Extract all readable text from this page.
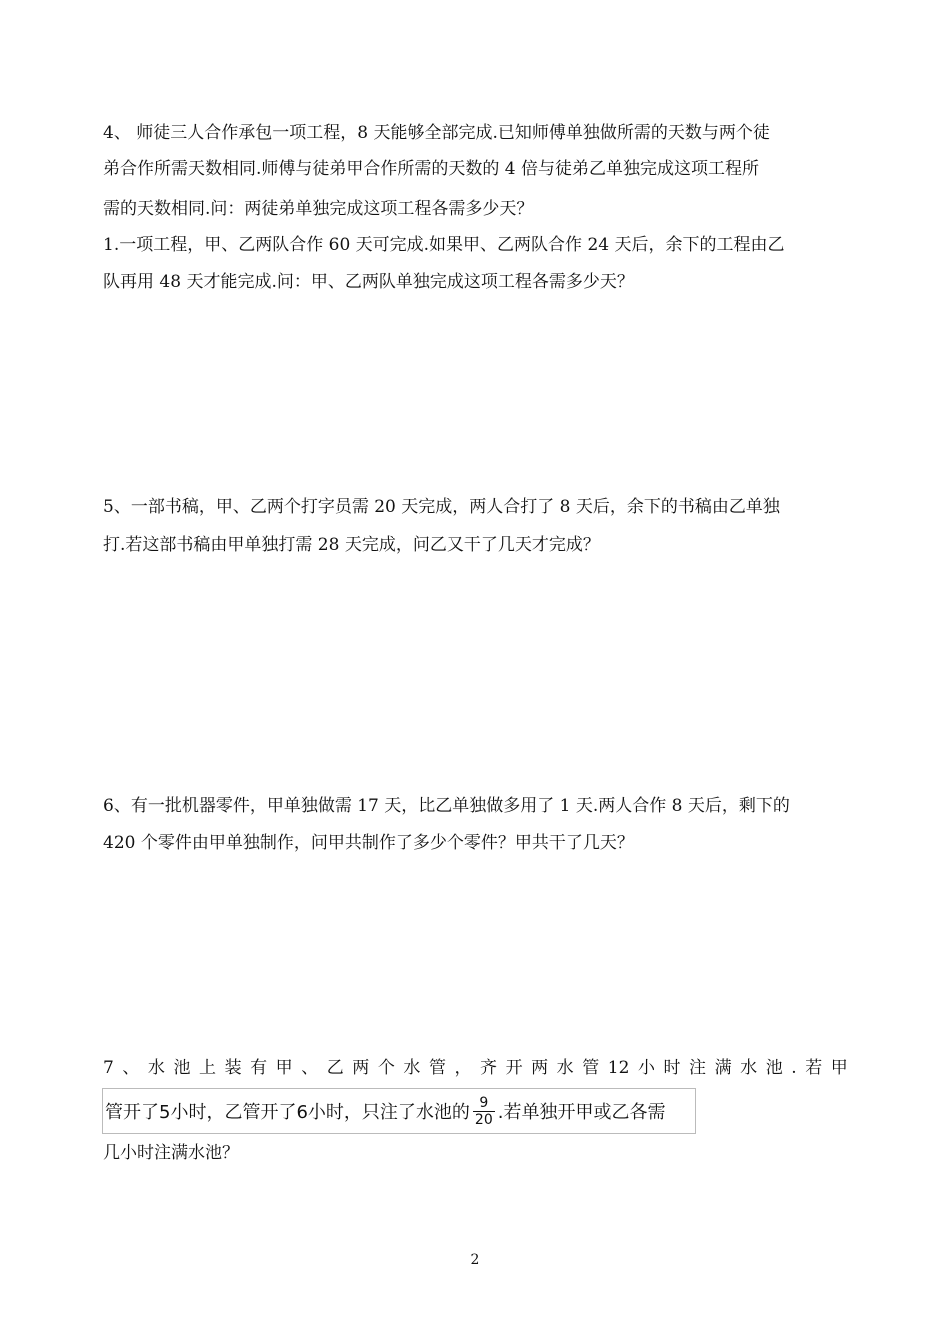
4、 师徒三人合作承包一项工程，8 天能够全部完成.已知师傅单独做所需的天数与两个徒
弟合作所需天数相同.师傅与徒弟甲合作所需的天数的 4 倍与徒弟乙单独完成这项工程所
需的天数相同.问：两徒弟单独完成这项工程各需多少天？
1.一项工程，甲、乙两队合作 60 天可完成.如果甲、乙两队合作 24 天后，余下的工程由乙
队再用 48 天才能完成.问：甲、乙两队单独完成这项工程各需多少天？
5、一部书稿，甲、乙两个打字员需 20 天完成，两人合打了 8 天后，余下的书稿由乙单独
打.若这部书稿由甲单独打需 28 天完成，问乙又干了几天才完成？
6、有一批机器零件，甲单独做需 17 天，比乙单独做多用了 1 天.两人合作 8 天后，剩下的
420 个零件由甲单独制作，问甲共制作了多少个零件？甲共干了几天？
7 、 水 池 上 装 有 甲 、 乙 两 个 水 管 ， 齐 开 两 水 管 12 小 时 注 满 水 池 . 若 甲
管开了5小时，乙管开了6小时，只注了水池的 $\frac{9}{20}$ .若单独开甲或乙各需
几小时注满水池？
2
